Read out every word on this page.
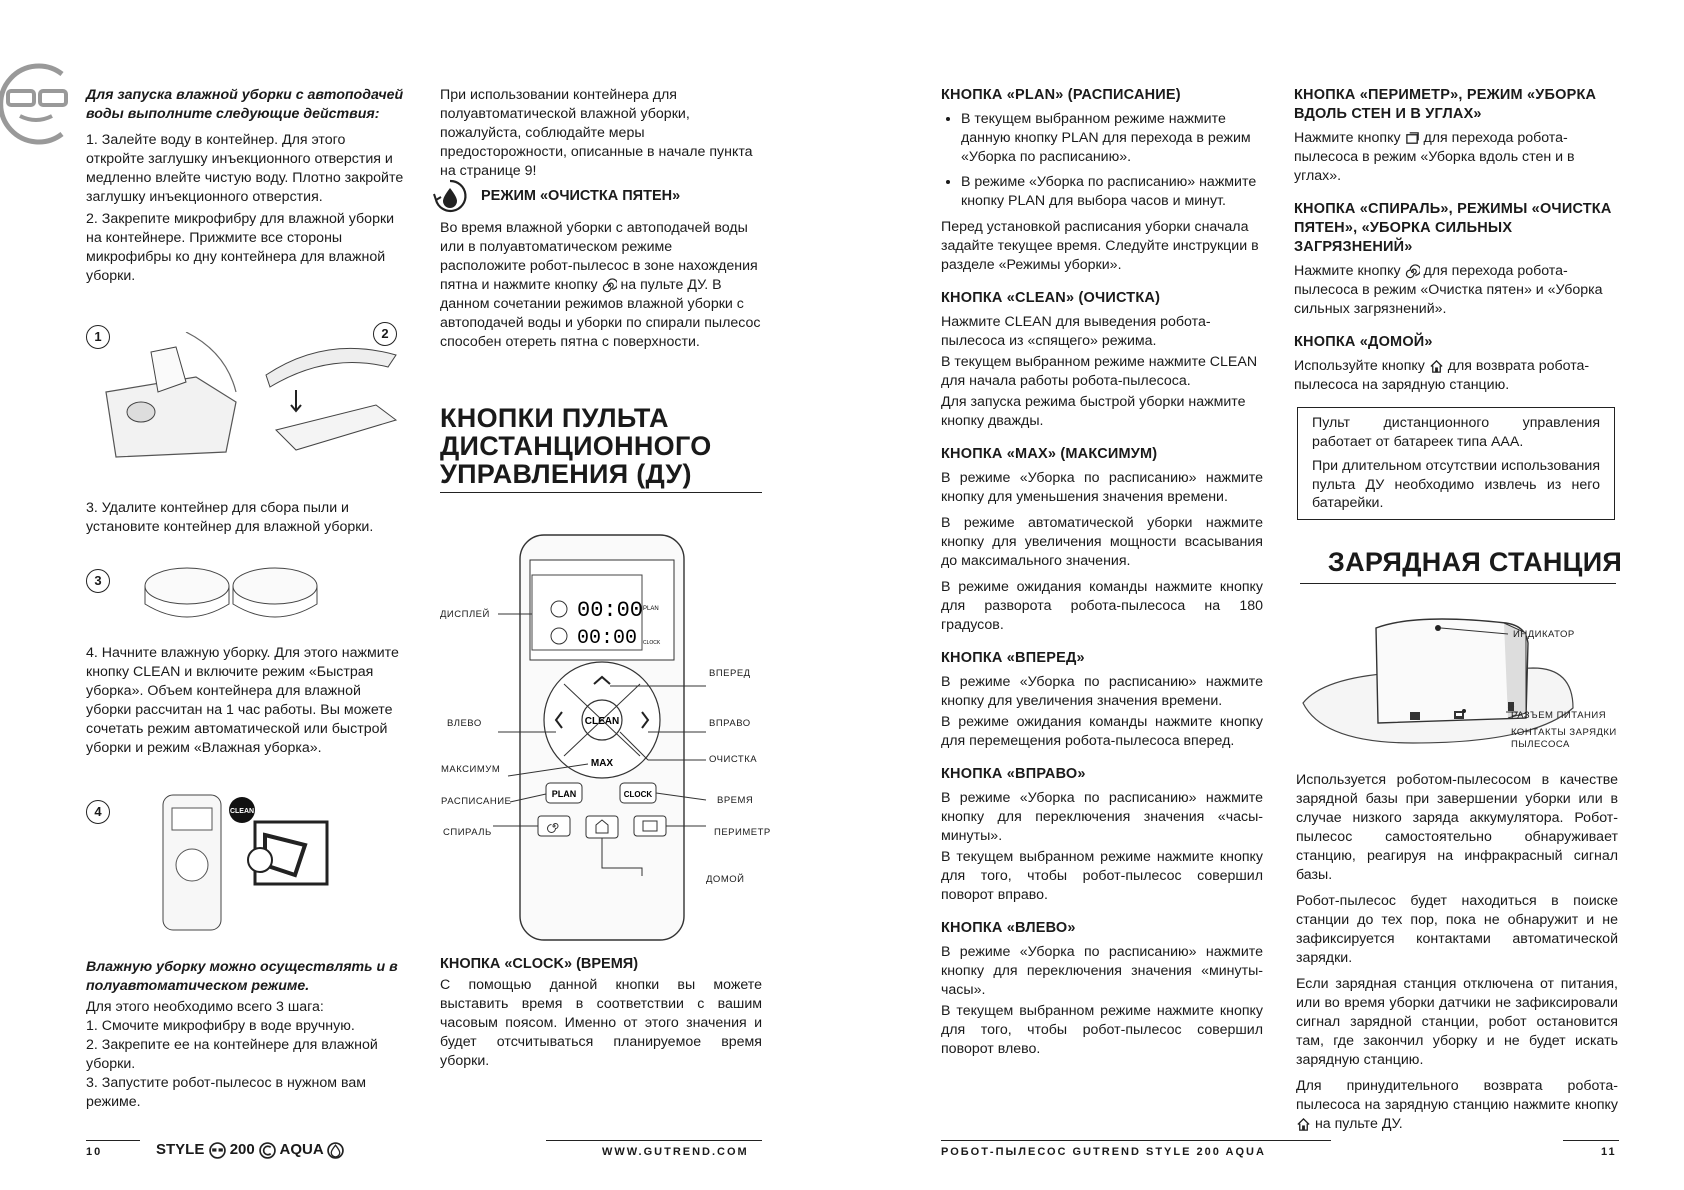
Для запуска влажной уборки с автоподачей воды выполните следующие действия:

1. Залейте воду в контейнер. Для этого откройте заглушку инъекционного отверстия и медленно влейте чистую воду. Плотно закройте заглушку инъекционного отверстия.

2. Закрепите микрофибру для влажной уборки на контейнере. Прижмите все стороны микрофибры ко дну контейнера для влажной уборки.

1	2

3. Удалите контейнер для сбора пыли и установите контейнер для влажной уборки.

3

4. Начните влажную уборку. Для этого нажмите кнопку CLEAN и включите режим «Быстрая уборка». Объем контейнера для влажной уборки рассчитан на 1 час работы. Вы можете сочетать режим автоматической или быстрой уборки и режим «Влажная уборка».

4	CLEAN

Влажную уборку можно осуществлять и в полуавтоматическом режиме.

Для этого необходимо всего 3 шага:
1. Смочите микрофибру в воде вручную.
2. Закрепите ее на контейнере для влажной уборки.
3. Запустите робот-пылесос в нужном вам режиме.

При использовании контейнера для полуавтоматической влажной уборки, пожалуйста, соблюдайте меры предосторожности, описанные в начале пункта на странице 9!

РЕЖИМ «ОЧИСТКА ПЯТЕН»
Во время влажной уборки с автоподачей воды или в полуавтоматическом режиме расположите робот-пылесос в зоне нахождения пятна и нажмите кнопку на пульте ДУ. В данном сочетании режимов влажной уборки с автоподачей воды и уборки по спирали пылесос способен отереть пятна с поверхности.
КНОПКИ ПУЛЬТА ДИСТАНЦИОННОГО УПРАВЛЕНИЯ (ДУ)
00:00
00:00
PLAN
CLOCK
CLEAN
MAX
PLAN	CLOCK
ДИСПЛЕЙ
ВПЕРЕД
ВЛЕВО	ВПРАВО
ОЧИСТКА
МАКСИМУМ
РАСПИСАНИЕ	ВРЕМЯ
СПИРАЛЬ	ПЕРИМЕТР
ДОМОЙ
КНОПКА «CLOCK» (ВРЕМЯ)
С помощью данной кнопки вы можете выставить время в соответствии с вашим часовым поясом. Именно от этого значения и будет отсчитываться планируемое время уборки.
10	STYLE 200 AQUA	WWW.GUTREND.COM
КНОПКА «PLAN» (РАСПИСАНИЕ)
• В текущем выбранном режиме нажмите данную кнопку PLAN для перехода в режим «Уборка по расписанию».
• В режиме «Уборка по расписанию» нажмите кнопку PLAN для выбора часов и минут.

Перед установкой расписания уборки сначала задайте текущее время. Следуйте инструкции в разделе «Режимы уборки».

КНОПКА «CLEAN» (ОЧИСТКА)

Нажмите CLEAN для выведения робота-пылесоса из «спящего» режима.

В текущем выбранном режиме нажмите CLEAN для начала работы робота-пылесоса.

Для запуска режима быстрой уборки нажмите кнопку дважды.

КНОПКА «MAX» (МАКСИМУМ)

В режиме «Уборка по расписанию» нажмите кнопку для уменьшения значения времени.

В режиме автоматической уборки нажмите кнопку для увеличения мощности всасывания до максимального значения.

В режиме ожидания команды нажмите кнопку для разворота робота-пылесоса на 180 градусов.

КНОПКА «ВПЕРЕД»

В режиме «Уборка по расписанию» нажмите кнопку для увеличения значения времени.

В режиме ожидания команды нажмите кнопку для перемещения робота-пылесоса вперед.

КНОПКА «ВПРАВО»

В режиме «Уборка по расписанию» нажмите кнопку для переключения значения «часы-минуты».

В текущем выбранном режиме нажмите кнопку для того, чтобы робот-пылесос совершил поворот вправо.

КНОПКА «ВЛЕВО»

В режиме «Уборка по расписанию» нажмите кнопку для переключения значения «минуты-часы».

В текущем выбранном режиме нажмите кнопку для того, чтобы робот-пылесос совершил поворот влево.

КНОПКА «ПЕРИМЕТР», РЕЖИМ «УБОРКА ВДОЛЬ СТЕН И В УГЛАХ»

Нажмите кнопку для перехода робота-пылесоса в режим «Уборка вдоль стен и в углах».

КНОПКА «СПИРАЛЬ», РЕЖИМЫ «ОЧИСТКА ПЯТЕН», «УБОРКА СИЛЬНЫХ ЗАГРЯЗНЕНИЙ»

Нажмите кнопку для перехода робота-пылесоса в режим «Очистка пятен» и «Уборка сильных загрязнений».

КНОПКА «ДОМОЙ»

Используйте кнопку для возврата робота-пылесоса на зарядную станцию.

Пульт дистанционного управления работает от батареек типа ААА.
При длительном отсутствии использования пульта ДУ необходимо извлечь из него батарейки.
ЗАРЯДНАЯ СТАНЦИЯ
ИНДИКАТОР
РАЗЪЕМ ПИТАНИЯ
КОНТАКТЫ ЗАРЯДКИ
ПЫЛЕСОСА

Используется роботом-пылесосом в качестве зарядной базы при завершении уборки или в случае низкого заряда аккумулятора. Робот-пылесос самостоятельно обнаруживает станцию, реагируя на инфракрасный сигнал базы.

Робот-пылесос будет находиться в поиске станции до тех пор, пока не обнаружит и не зафиксируется контактами автоматической зарядки.

Если зарядная станция отключена от питания, или во время уборки датчики не зафиксировали сигнал зарядной станции, робот остановится там, где закончил уборку и не будет искать зарядную станцию.

Для принудительного возврата робота-пылесоса на зарядную станцию нажмите кнопку  на пульте ДУ.

РОБОТ-ПЫЛЕСОС GUTREND STYLE 200 AQUA	11
